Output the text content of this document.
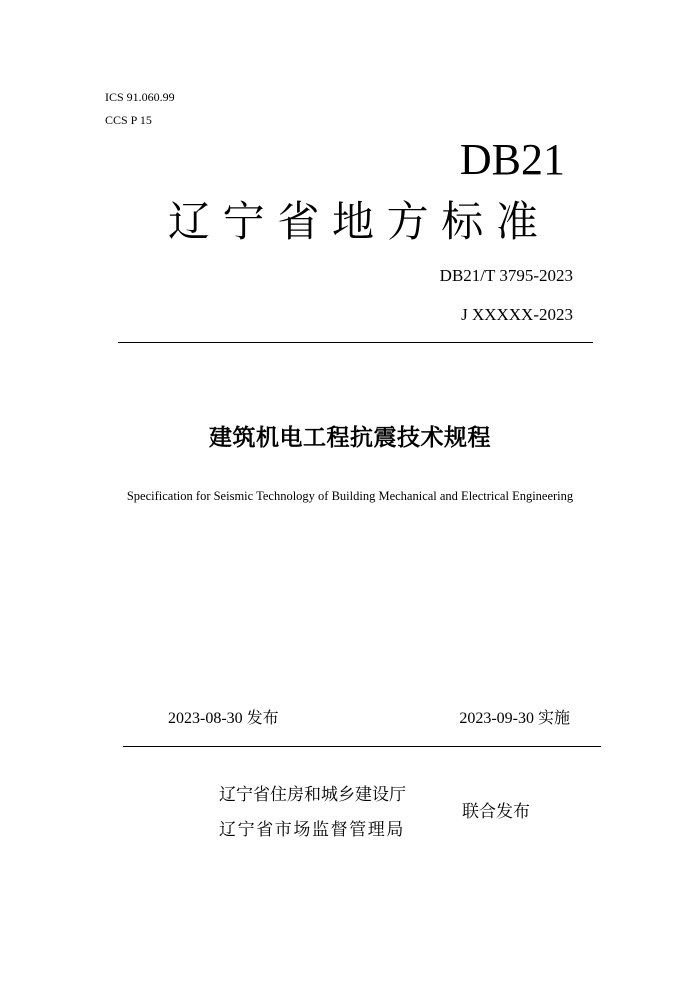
ICS 91.060.99
CCS P 15
DB21
辽 宁 省 地 方 标 准
DB21/T 3795-2023
J XXXXX-2023
建筑机电工程抗震技术规程
Specification for Seismic Technology of Building Mechanical and Electrical Engineering
2023-08-30 发布	2023-09-30 实施
辽宁省住房和城乡建设厅
辽宁省市场监督管理局
联合发布
